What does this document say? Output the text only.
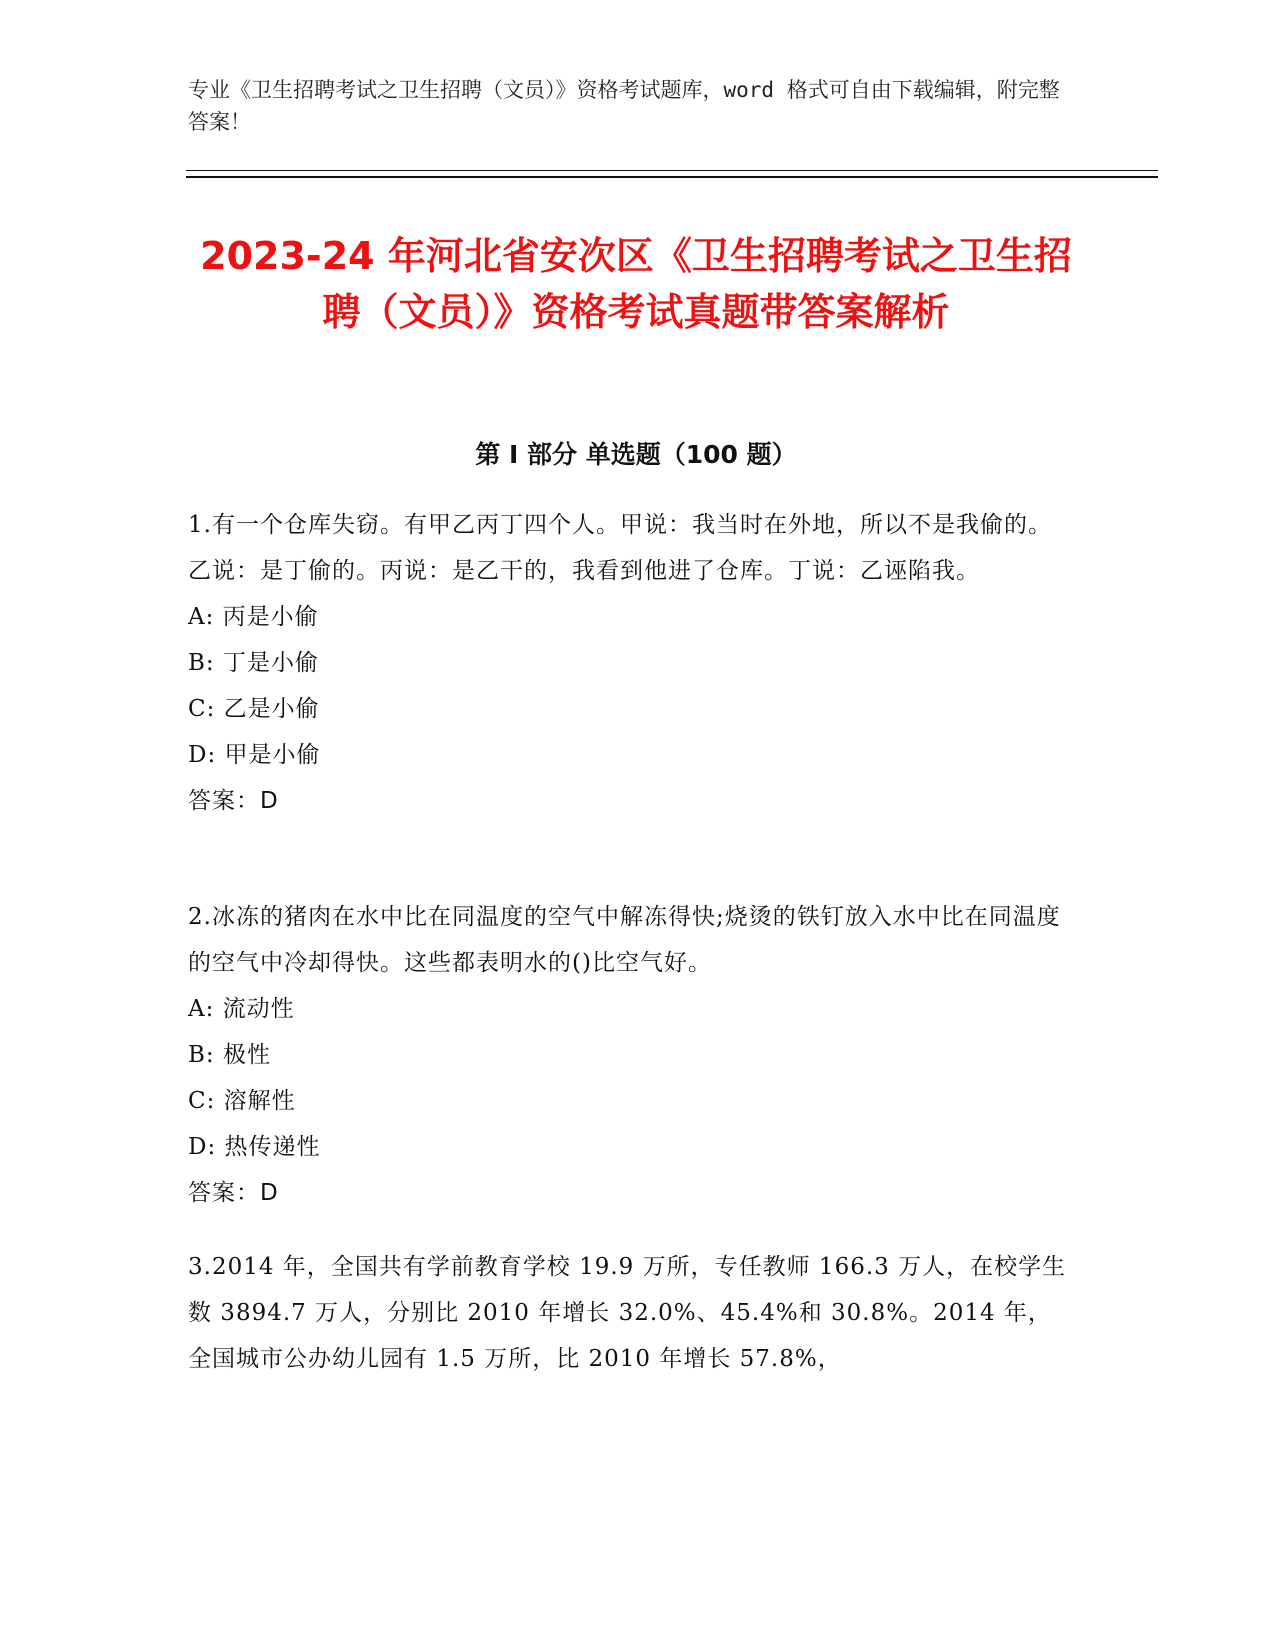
专业《卫生招聘考试之卫生招聘（文员）》资格考试题库，word 格式可自由下载编辑，附完整答案！
2023-24 年河北省安次区《卫生招聘考试之卫生招聘（文员）》资格考试真题带答案解析
第 I 部分 单选题（100 题）
1.有一个仓库失窃。有甲乙丙丁四个人。甲说：我当时在外地，所以不是我偷的。乙说：是丁偷的。丙说：是乙干的，我看到他进了仓库。丁说：乙诬陷我。
A: 丙是小偷
B: 丁是小偷
C: 乙是小偷
D: 甲是小偷
答案：D
2.冰冻的猪肉在水中比在同温度的空气中解冻得快;烧烫的铁钉放入水中比在同温度的空气中冷却得快。这些都表明水的()比空气好。
A: 流动性
B: 极性
C: 溶解性
D: 热传递性
答案：D
3.2014 年，全国共有学前教育学校 19.9 万所，专任教师 166.3 万人，在校学生数 3894.7 万人，分别比 2010 年增长 32.0%、45.4%和 30.8%。2014 年，全国城市公办幼儿园有 1.5 万所，比 2010 年增长 57.8%，
